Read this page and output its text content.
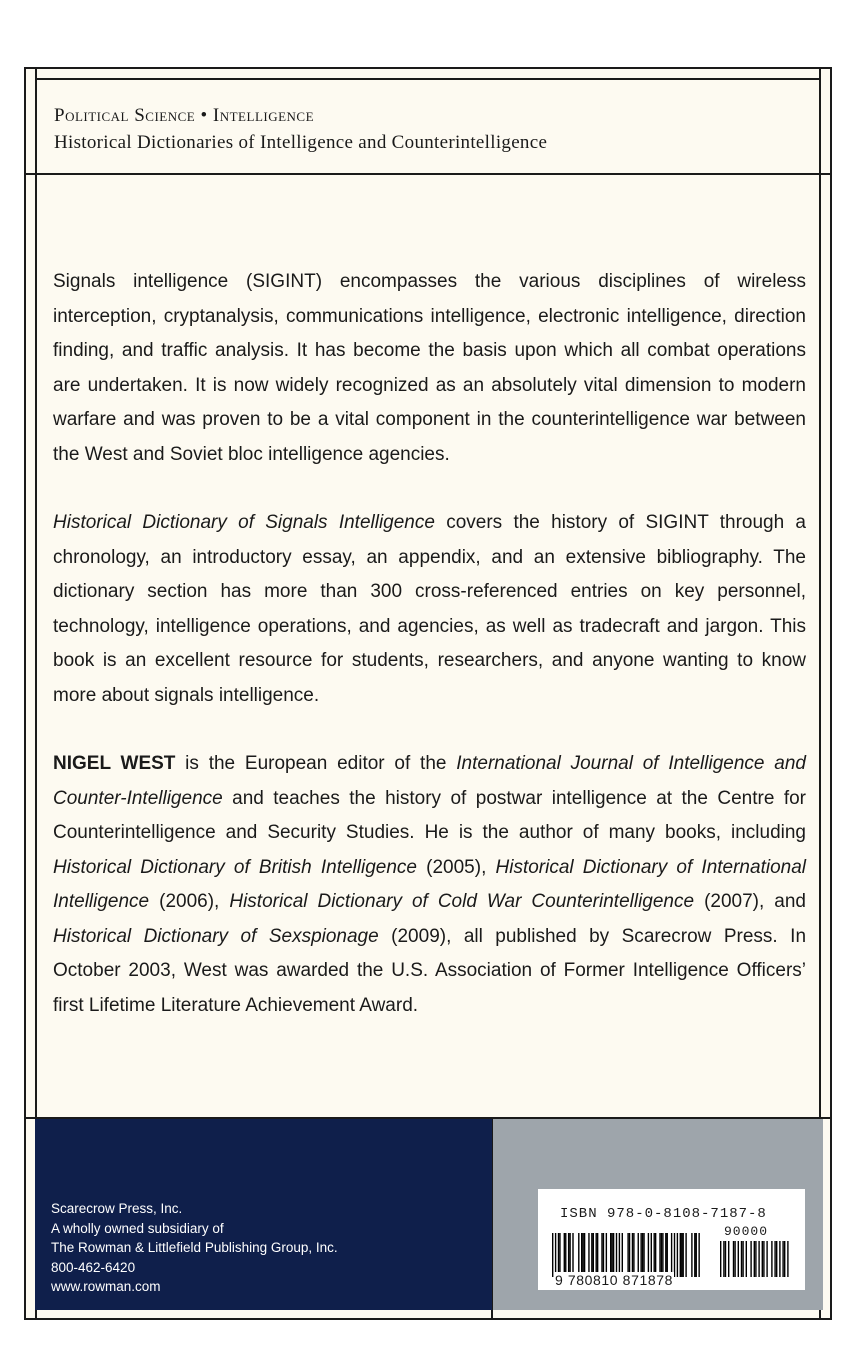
Political Science • Intelligence
Historical Dictionaries of Intelligence and Counterintelligence

Signals intelligence (SIGINT) encompasses the various disciplines of wireless interception, cryptanalysis, communications intelligence, electronic intelligence, direction finding, and traffic analysis. It has become the basis upon which all combat operations are undertaken. It is now widely recognized as an absolutely vital dimension to modern warfare and was proven to be a vital component in the counterintelligence war between the West and Soviet bloc intelligence agencies.

Historical Dictionary of Signals Intelligence covers the history of SIGINT through a chronology, an introductory essay, an appendix, and an extensive bibliography. The dictionary section has more than 300 cross-referenced entries on key personnel, technology, intelligence operations, and agencies, as well as tradecraft and jargon. This book is an excellent resource for students, researchers, and anyone wanting to know more about signals intelligence.

NIGEL WEST is the European editor of the International Journal of Intelligence and Counter-Intelligence and teaches the history of postwar intelligence at the Centre for Counterintelligence and Security Studies. He is the author of many books, including Historical Dictionary of British Intelligence (2005), Historical Dictionary of International Intelligence (2006), Historical Dictionary of Cold War Counterintelligence (2007), and Historical Dictionary of Sexspionage (2009), all published by Scarecrow Press. In October 2003, West was awarded the U.S. Association of Former Intelligence Officers’ first Lifetime Literature Achievement Award.

Scarecrow Press, Inc.
A wholly owned subsidiary of
The Rowman & Littlefield Publishing Group, Inc.
800-462-6420
www.rowman.com
ISBN 978-0-8108-7187-8
90000
9 780810 871878
